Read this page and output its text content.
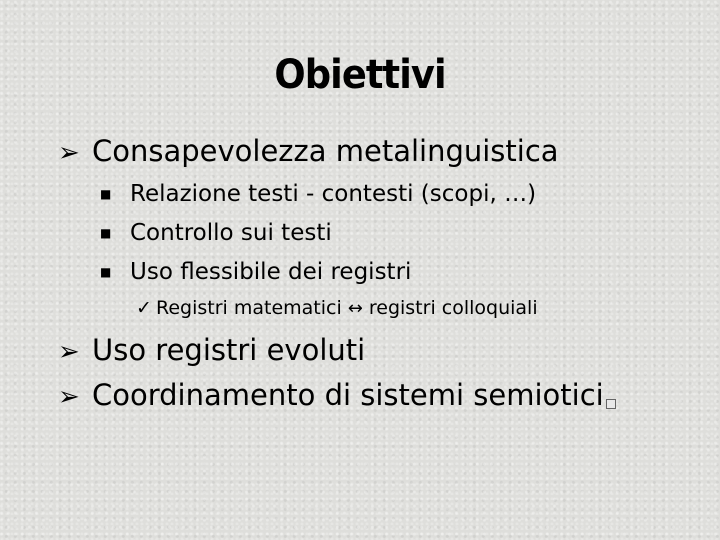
Obiettivi
➢ Consapevolezza metalinguistica
■ Relazione testi - contesti (scopi, …)
■ Controllo sui testi
■ Uso flessibile dei registri
✓ Registri matematici ↔ registri colloquiali
➢ Uso registri evoluti
➢ Coordinamento di sistemi semiotici
